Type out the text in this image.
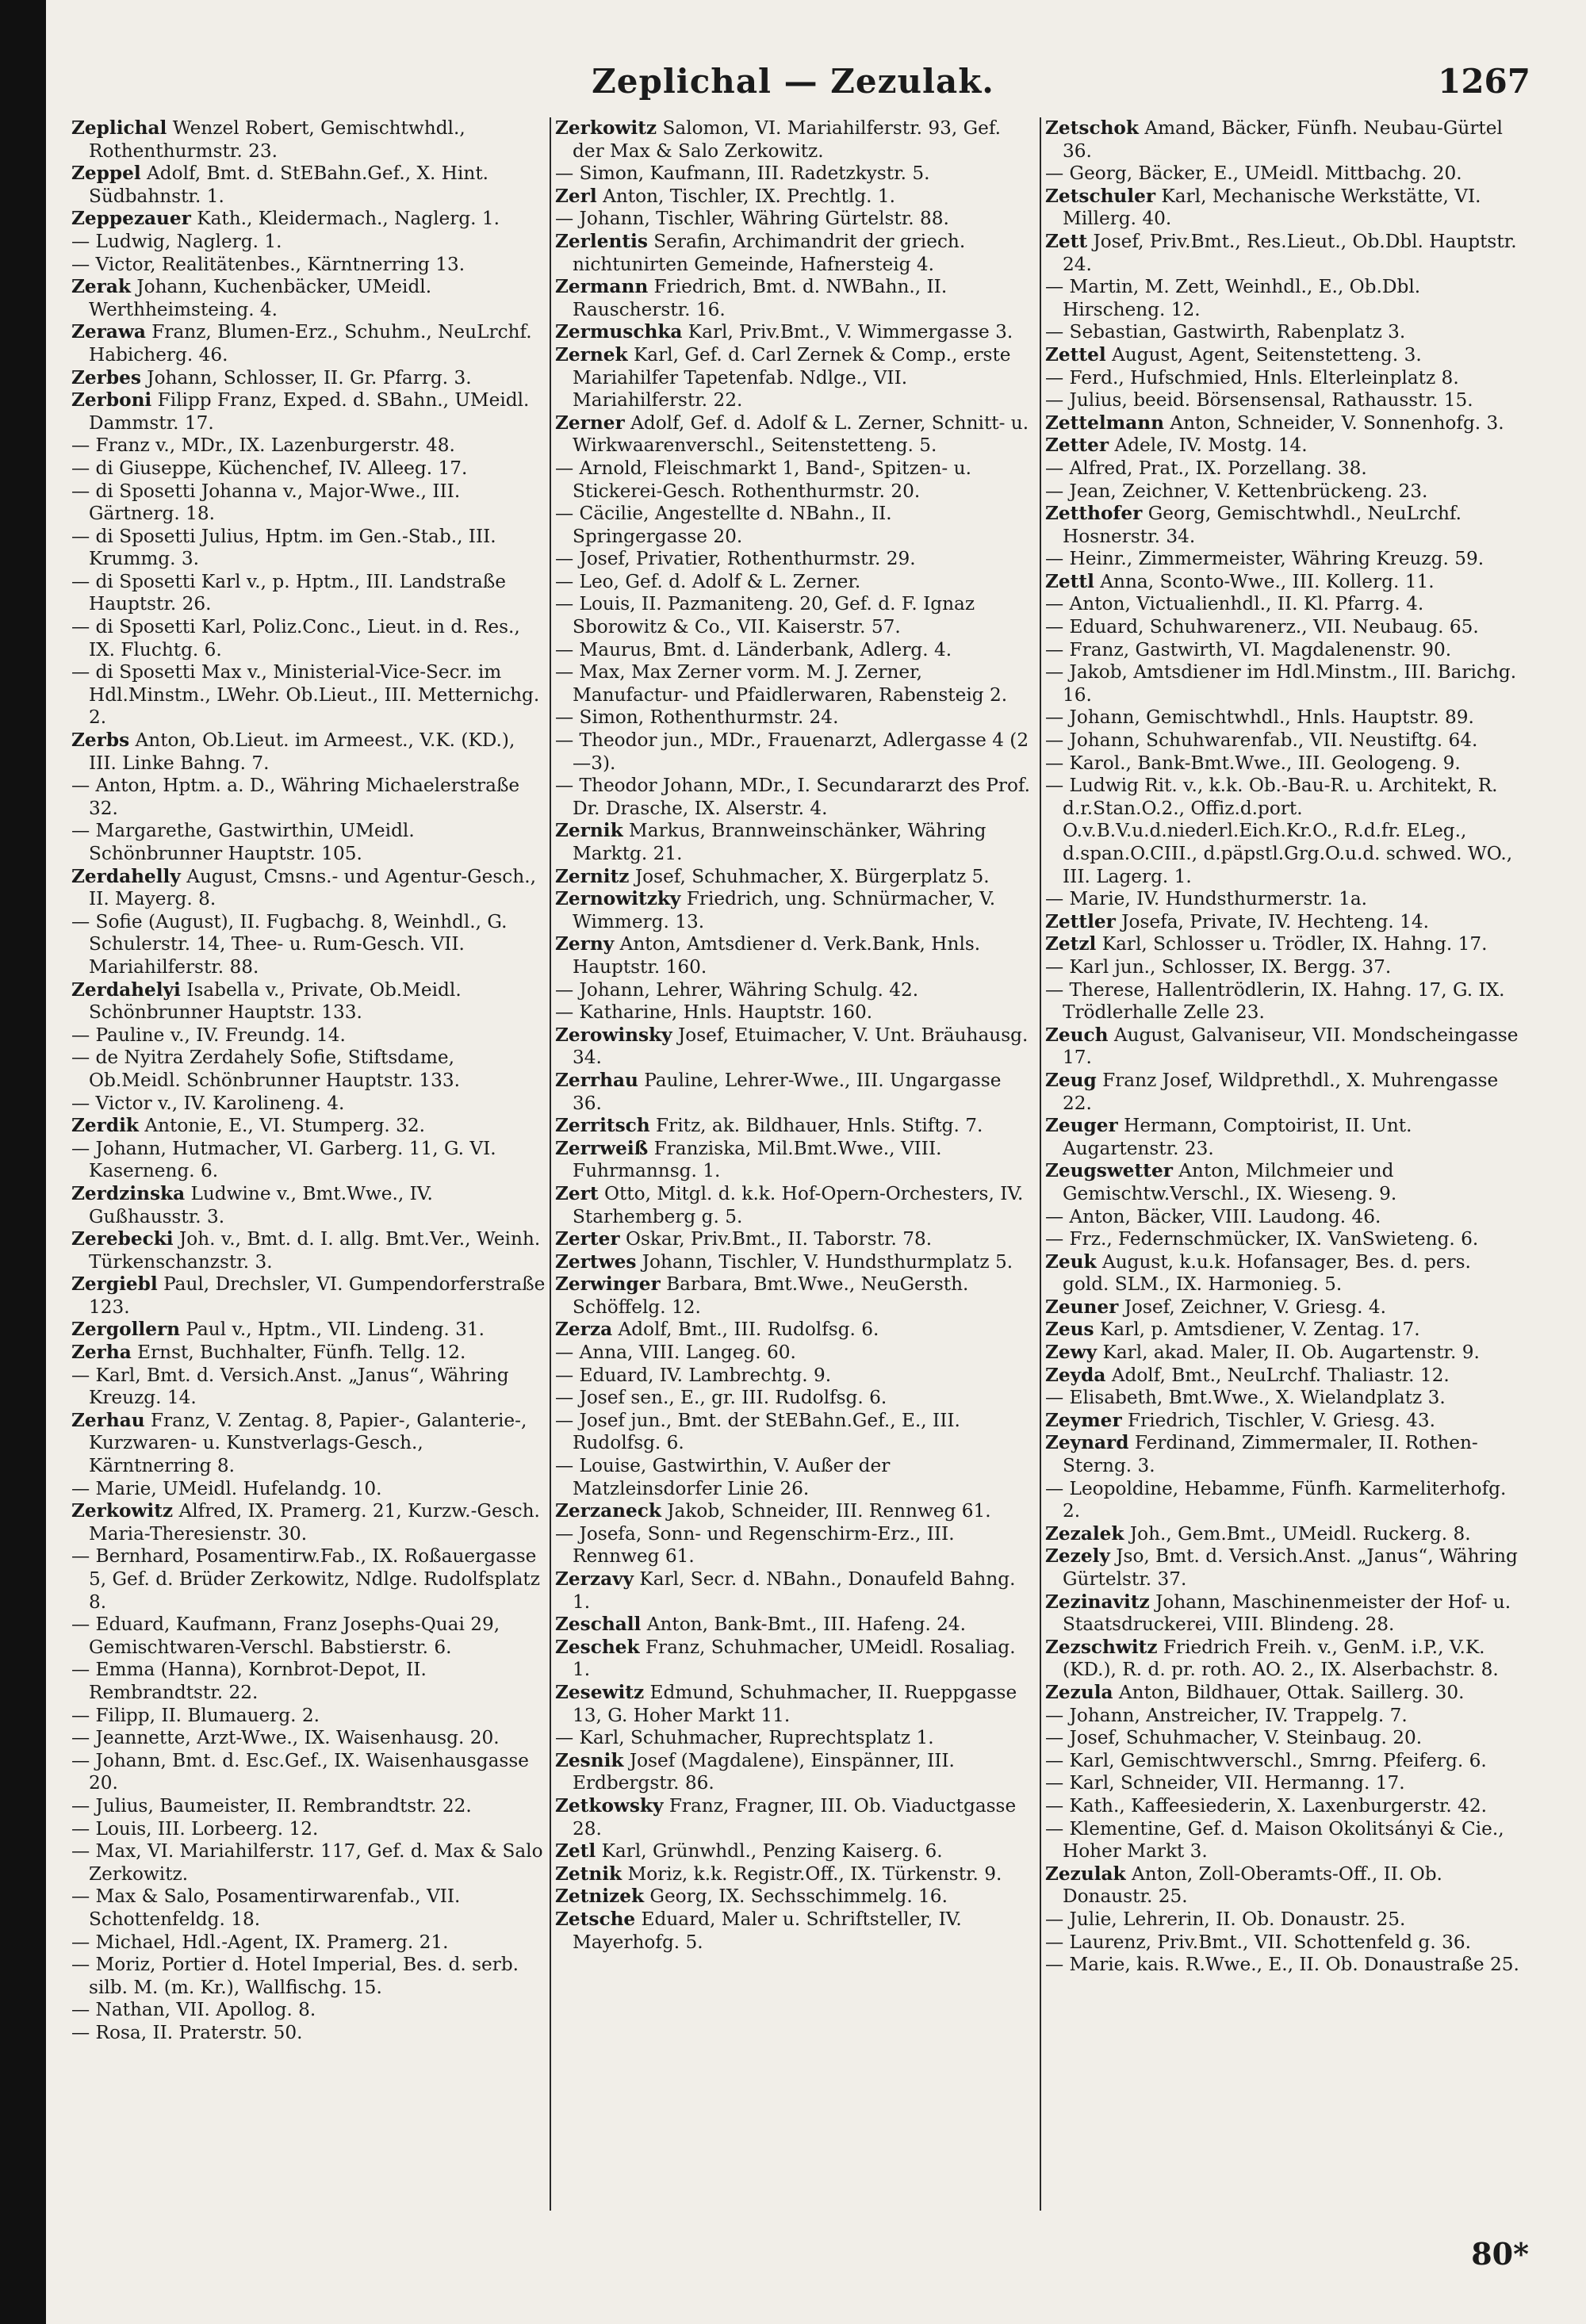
Zeplichal — Zezulak.	1267
Zeplichal Wenzel Robert, Gemischtwhdl., Rothenthurmstr. 23.
Zeppel Adolf, Bmt. d. StEBahn.Gef., X. Hint. Südbahnstr. 1.
Zeppezauer Kath., Kleidermach., Naglerg. 1.
— Ludwig, Naglerg. 1.
— Victor, Realitätenbes., Kärntnerring 13.
Zerak Johann, Kuchenbäcker, UMeidl. Werthheimsteing. 4.
Zerawa Franz, Blumen-Erz., Schuhm., NeuLrchf. Habicherg. 46.
Zerbes Johann, Schlosser, II. Gr. Pfarrg. 3.
Zerboni Filipp Franz, Exped. d. SBahn., UMeidl. Dammstr. 17.
— Franz v., MDr., IX. Lazenburgerstr. 48.
— di Giuseppe, Küchenchef, IV. Alleeg. 17.
— di Sposetti Johanna v., Major-Wwe., III. Gärtnerg. 18.
— di Sposetti Julius, Hptm. im Gen.-Stab., III. Krummg. 3.
— di Sposetti Karl v., p. Hptm., III. Landstraße Hauptstr. 26.
— di Sposetti Karl, Poliz.Conc., Lieut. in d. Res., IX. Fluchtg. 6.
— di Sposetti Max v., Ministerial-Vice-Secr. im Hdl.Minstm., LWehr. Ob.Lieut., III. Metternichg. 2.
Zerbs Anton, Ob.Lieut. im Armeest., V.K. (KD.), III. Linke Bahng. 7.
— Anton, Hptm. a. D., Währing Michaelerstraße 32.
— Margarethe, Gastwirthin, UMeidl. Schönbrunner Hauptstr. 105.
Zerdahelly August, Cmsns.- und Agentur-Gesch., II. Mayerg. 8.
— Sofie (August), II. Fugbachg. 8, Weinhdl., G. Schulerstr. 14, Thee- u. Rum-Gesch. VII. Mariahilferstr. 88.
Zerdahelyi Isabella v., Private, Ob.Meidl. Schönbrunner Hauptstr. 133.
— Pauline v., IV. Freundg. 14.
— de Nyitra Zerdahely Sofie, Stiftsdame, Ob.Meidl. Schönbrunner Hauptstr. 133.
— Victor v., IV. Karolineng. 4.
Zerdik Antonie, E., VI. Stumperg. 32.
— Johann, Hutmacher, VI. Garberg. 11, G. VI. Kaserneng. 6.
Zerdzinska Ludwine v., Bmt.Wwe., IV. Gußhausstr. 3.
Zerebecki Joh. v., Bmt. d. I. allg. Bmt.Ver., Weinh. Türkenschanzstr. 3.
Zergiebl Paul, Drechsler, VI. Gumpendorferstraße 123.
Zergollern Paul v., Hptm., VII. Lindeng. 31.
Zerha Ernst, Buchhalter, Fünfh. Tellg. 12.
— Karl, Bmt. d. Versich.Anst. „Janus“, Währing Kreuzg. 14.
Zerhau Franz, V. Zentag. 8, Papier-, Galanterie-, Kurzwaren- u. Kunstverlags-Gesch., Kärntnerring 8.
— Marie, UMeidl. Hufelandg. 10.
Zerkowitz Alfred, IX. Pramerg. 21, Kurzw.-Gesch. Maria-Theresienstr. 30.
— Bernhard, Posamentirw.Fab., IX. Roßauergasse 5, Gef. d. Brüder Zerkowitz, Ndlge. Rudolfsplatz 8.
— Eduard, Kaufmann, Franz Josephs-Quai 29, Gemischtwaren-Verschl. Babstierstr. 6.
— Emma (Hanna), Kornbrot-Depot, II. Rembrandtstr. 22.
— Filipp, II. Blumauerg. 2.
— Jeannette, Arzt-Wwe., IX. Waisenhausg. 20.
— Johann, Bmt. d. Esc.Gef., IX. Waisenhausgasse 20.
— Julius, Baumeister, II. Rembrandtstr. 22.
— Louis, III. Lorbeerg. 12.
— Max, VI. Mariahilferstr. 117, Gef. d. Max & Salo Zerkowitz.
— Max & Salo, Posamentirwarenfab., VII. Schottenfeldg. 18.
— Michael, Hdl.-Agent, IX. Pramerg. 21.
— Moriz, Portier d. Hotel Imperial, Bes. d. serb. silb. M. (m. Kr.), Wallfischg. 15.
— Nathan, VII. Apollog. 8.
— Rosa, II. Praterstr. 50.
Zerkowitz Salomon, VI. Mariahilferstr. 93, Gef. der Max & Salo Zerkowitz.
— Simon, Kaufmann, III. Radetzkystr. 5.
Zerl Anton, Tischler, IX. Prechtlg. 1.
— Johann, Tischler, Währing Gürtelstr. 88.
Zerlentis Serafin, Archimandrit der griech. nichtunirten Gemeinde, Hafnersteig 4.
Zermann Friedrich, Bmt. d. NWBahn., II. Rauscherstr. 16.
Zermuschka Karl, Priv.Bmt., V. Wimmergasse 3.
Zernek Karl, Gef. d. Carl Zernek & Comp., erste Mariahilfer Tapetenfab. Ndlge., VII. Mariahilferstr. 22.
Zerner Adolf, Gef. d. Adolf & L. Zerner, Schnitt- u. Wirkwaarenverschl., Seitenstetteng. 5.
— Arnold, Fleischmarkt 1, Band-, Spitzen- u. Stickerei-Gesch. Rothenthurmstr. 20.
— Cäcilie, Angestellte d. NBahn., II. Springergasse 20.
— Josef, Privatier, Rothenthurmstr. 29.
— Leo, Gef. d. Adolf & L. Zerner.
— Louis, II. Pazmaniteng. 20, Gef. d. F. Ignaz Sborowitz & Co., VII. Kaiserstr. 57.
— Maurus, Bmt. d. Länderbank, Adlerg. 4.
— Max, Max Zerner vorm. M. J. Zerner, Manufactur- und Pfaidlerwaren, Rabensteig 2.
— Simon, Rothenthurmstr. 24.
— Theodor jun., MDr., Frauenarzt, Adlergasse 4 (2—3).
— Theodor Johann, MDr., I. Secundararzt des Prof. Dr. Drasche, IX. Alserstr. 4.
Zernik Markus, Brannweinschänker, Währing Marktg. 21.
Zernitz Josef, Schuhmacher, X. Bürgerplatz 5.
Zernowitzky Friedrich, ung. Schnürmacher, V. Wimmerg. 13.
Zerny Anton, Amtsdiener d. Verk.Bank, Hnls. Hauptstr. 160.
— Johann, Lehrer, Währing Schulg. 42.
— Katharine, Hnls. Hauptstr. 160.
Zerowinsky Josef, Etuimacher, V. Unt. Bräuhausg. 34.
Zerrhau Pauline, Lehrer-Wwe., III. Ungargasse 36.
Zerritsch Fritz, ak. Bildhauer, Hnls. Stiftg. 7.
Zerrweiß Franziska, Mil.Bmt.Wwe., VIII. Fuhrmannsg. 1.
Zert Otto, Mitgl. d. k.k. Hof-Opern-Orchesters, IV. Starhemberg g. 5.
Zerter Oskar, Priv.Bmt., II. Taborstr. 78.
Zertwes Johann, Tischler, V. Hundsthurmplatz 5.
Zerwinger Barbara, Bmt.Wwe., NeuGersth. Schöffelg. 12.
Zerza Adolf, Bmt., III. Rudolfsg. 6.
— Anna, VIII. Langeg. 60.
— Eduard, IV. Lambrechtg. 9.
— Josef sen., E., gr. III. Rudolfsg. 6.
— Josef jun., Bmt. der StEBahn.Gef., E., III. Rudolfsg. 6.
— Louise, Gastwirthin, V. Außer der Matzleinsdorfer Linie 26.
Zerzaneck Jakob, Schneider, III. Rennweg 61.
— Josefa, Sonn- und Regenschirm-Erz., III. Rennweg 61.
Zerzavy Karl, Secr. d. NBahn., Donaufeld Bahng. 1.
Zeschall Anton, Bank-Bmt., III. Hafeng. 24.
Zeschek Franz, Schuhmacher, UMeidl. Rosaliag. 1.
Zesewitz Edmund, Schuhmacher, II. Rueppgasse 13, G. Hoher Markt 11.
— Karl, Schuhmacher, Ruprechtsplatz 1.
Zesnik Josef (Magdalene), Einspänner, III. Erdbergstr. 86.
Zetkowsky Franz, Fragner, III. Ob. Viaductgasse 28.
Zetl Karl, Grünwhdl., Penzing Kaiserg. 6.
Zetnik Moriz, k.k. Registr.Off., IX. Türkenstr. 9.
Zetnizek Georg, IX. Sechsschimmelg. 16.
Zetsche Eduard, Maler u. Schriftsteller, IV. Mayerhofg. 5.
Zetschok Amand, Bäcker, Fünfh. Neubau-Gürtel 36.
— Georg, Bäcker, E., UMeidl. Mittbachg. 20.
Zetschuler Karl, Mechanische Werkstätte, VI. Millerg. 40.
Zett Josef, Priv.Bmt., Res.Lieut., Ob.Dbl. Hauptstr. 24.
— Martin, M. Zett, Weinhdl., E., Ob.Dbl. Hirscheng. 12.
— Sebastian, Gastwirth, Rabenplatz 3.
Zettel August, Agent, Seitenstetteng. 3.
— Ferd., Hufschmied, Hnls. Elterleinplatz 8.
— Julius, beeid. Börsensensal, Rathausstr. 15.
Zettelmann Anton, Schneider, V. Sonnenhofg. 3.
Zetter Adele, IV. Mostg. 14.
— Alfred, Prat., IX. Porzellang. 38.
— Jean, Zeichner, V. Kettenbrückeng. 23.
Zetthofer Georg, Gemischtwhdl., NeuLrchf. Hosnerstr. 34.
— Heinr., Zimmermeister, Währing Kreuzg. 59.
Zettl Anna, Sconto-Wwe., III. Kollerg. 11.
— Anton, Victualienhdl., II. Kl. Pfarrg. 4.
— Eduard, Schuhwarenerz., VII. Neubaug. 65.
— Franz, Gastwirth, VI. Magdalenenstr. 90.
— Jakob, Amtsdiener im Hdl.Minstm., III. Barichg. 16.
— Johann, Gemischtwhdl., Hnls. Hauptstr. 89.
— Johann, Schuhwarenfab., VII. Neustiftg. 64.
— Karol., Bank-Bmt.Wwe., III. Geologeng. 9.
— Ludwig Rit. v., k.k. Ob.-Bau-R. u. Architekt, R. d.r.Stan.O.2., Offiz.d.port. O.v.B.V.u.d.niederl.Eich.Kr.O., R.d.fr. ELeg., d.span.O.CIII., d.päpstl.Grg.O.u.d. schwed. WO., III. Lagerg. 1.
— Marie, IV. Hundsthurmerstr. 1a.
Zettler Josefa, Private, IV. Hechteng. 14.
Zetzl Karl, Schlosser u. Trödler, IX. Hahng. 17.
— Karl jun., Schlosser, IX. Bergg. 37.
— Therese, Hallentrödlerin, IX. Hahng. 17, G. IX. Trödlerhalle Zelle 23.
Zeuch August, Galvaniseur, VII. Mondscheingasse 17.
Zeug Franz Josef, Wildprethdl., X. Muhrengasse 22.
Zeuger Hermann, Comptoirist, II. Unt. Augartenstr. 23.
Zeugswetter Anton, Milchmeier und Gemischtw.Verschl., IX. Wieseng. 9.
— Anton, Bäcker, VIII. Laudong. 46.
— Frz., Federnschmücker, IX. VanSwieteng. 6.
Zeuk August, k.u.k. Hofansager, Bes. d. pers. gold. SLM., IX. Harmonieg. 5.
Zeuner Josef, Zeichner, V. Griesg. 4.
Zeus Karl, p. Amtsdiener, V. Zentag. 17.
Zewy Karl, akad. Maler, II. Ob. Augartenstr. 9.
Zeyda Adolf, Bmt., NeuLrchf. Thaliastr. 12.
— Elisabeth, Bmt.Wwe., X. Wielandplatz 3.
Zeymer Friedrich, Tischler, V. Griesg. 43.
Zeynard Ferdinand, Zimmermaler, II. Rothen-Sterng. 3.
— Leopoldine, Hebamme, Fünfh. Karmeliterhofg. 2.
Zezalek Joh., Gem.Bmt., UMeidl. Ruckerg. 8.
Zezely Jso, Bmt. d. Versich.Anst. „Janus“, Währing Gürtelstr. 37.
Zezinavitz Johann, Maschinenmeister der Hof- u. Staatsdruckerei, VIII. Blindeng. 28.
Zezschwitz Friedrich Freih. v., GenM. i.P., V.K. (KD.), R. d. pr. roth. AO. 2., IX. Alserbachstr. 8.
Zezula Anton, Bildhauer, Ottak. Saillerg. 30.
— Johann, Anstreicher, IV. Trappelg. 7.
— Josef, Schuhmacher, V. Steinbaug. 20.
— Karl, Gemischtwverschl., Smrng. Pfeiferg. 6.
— Karl, Schneider, VII. Hermanng. 17.
— Kath., Kaffeesiederin, X. Laxenburgerstr. 42.
— Klementine, Gef. d. Maison Okolitsányi & Cie., Hoher Markt 3.
Zezulak Anton, Zoll-Oberamts-Off., II. Ob. Donaustr. 25.
— Julie, Lehrerin, II. Ob. Donaustr. 25.
— Laurenz, Priv.Bmt., VII. Schottenfeld g. 36.
— Marie, kais. R.Wwe., E., II. Ob. Donaustraße 25.
80*
